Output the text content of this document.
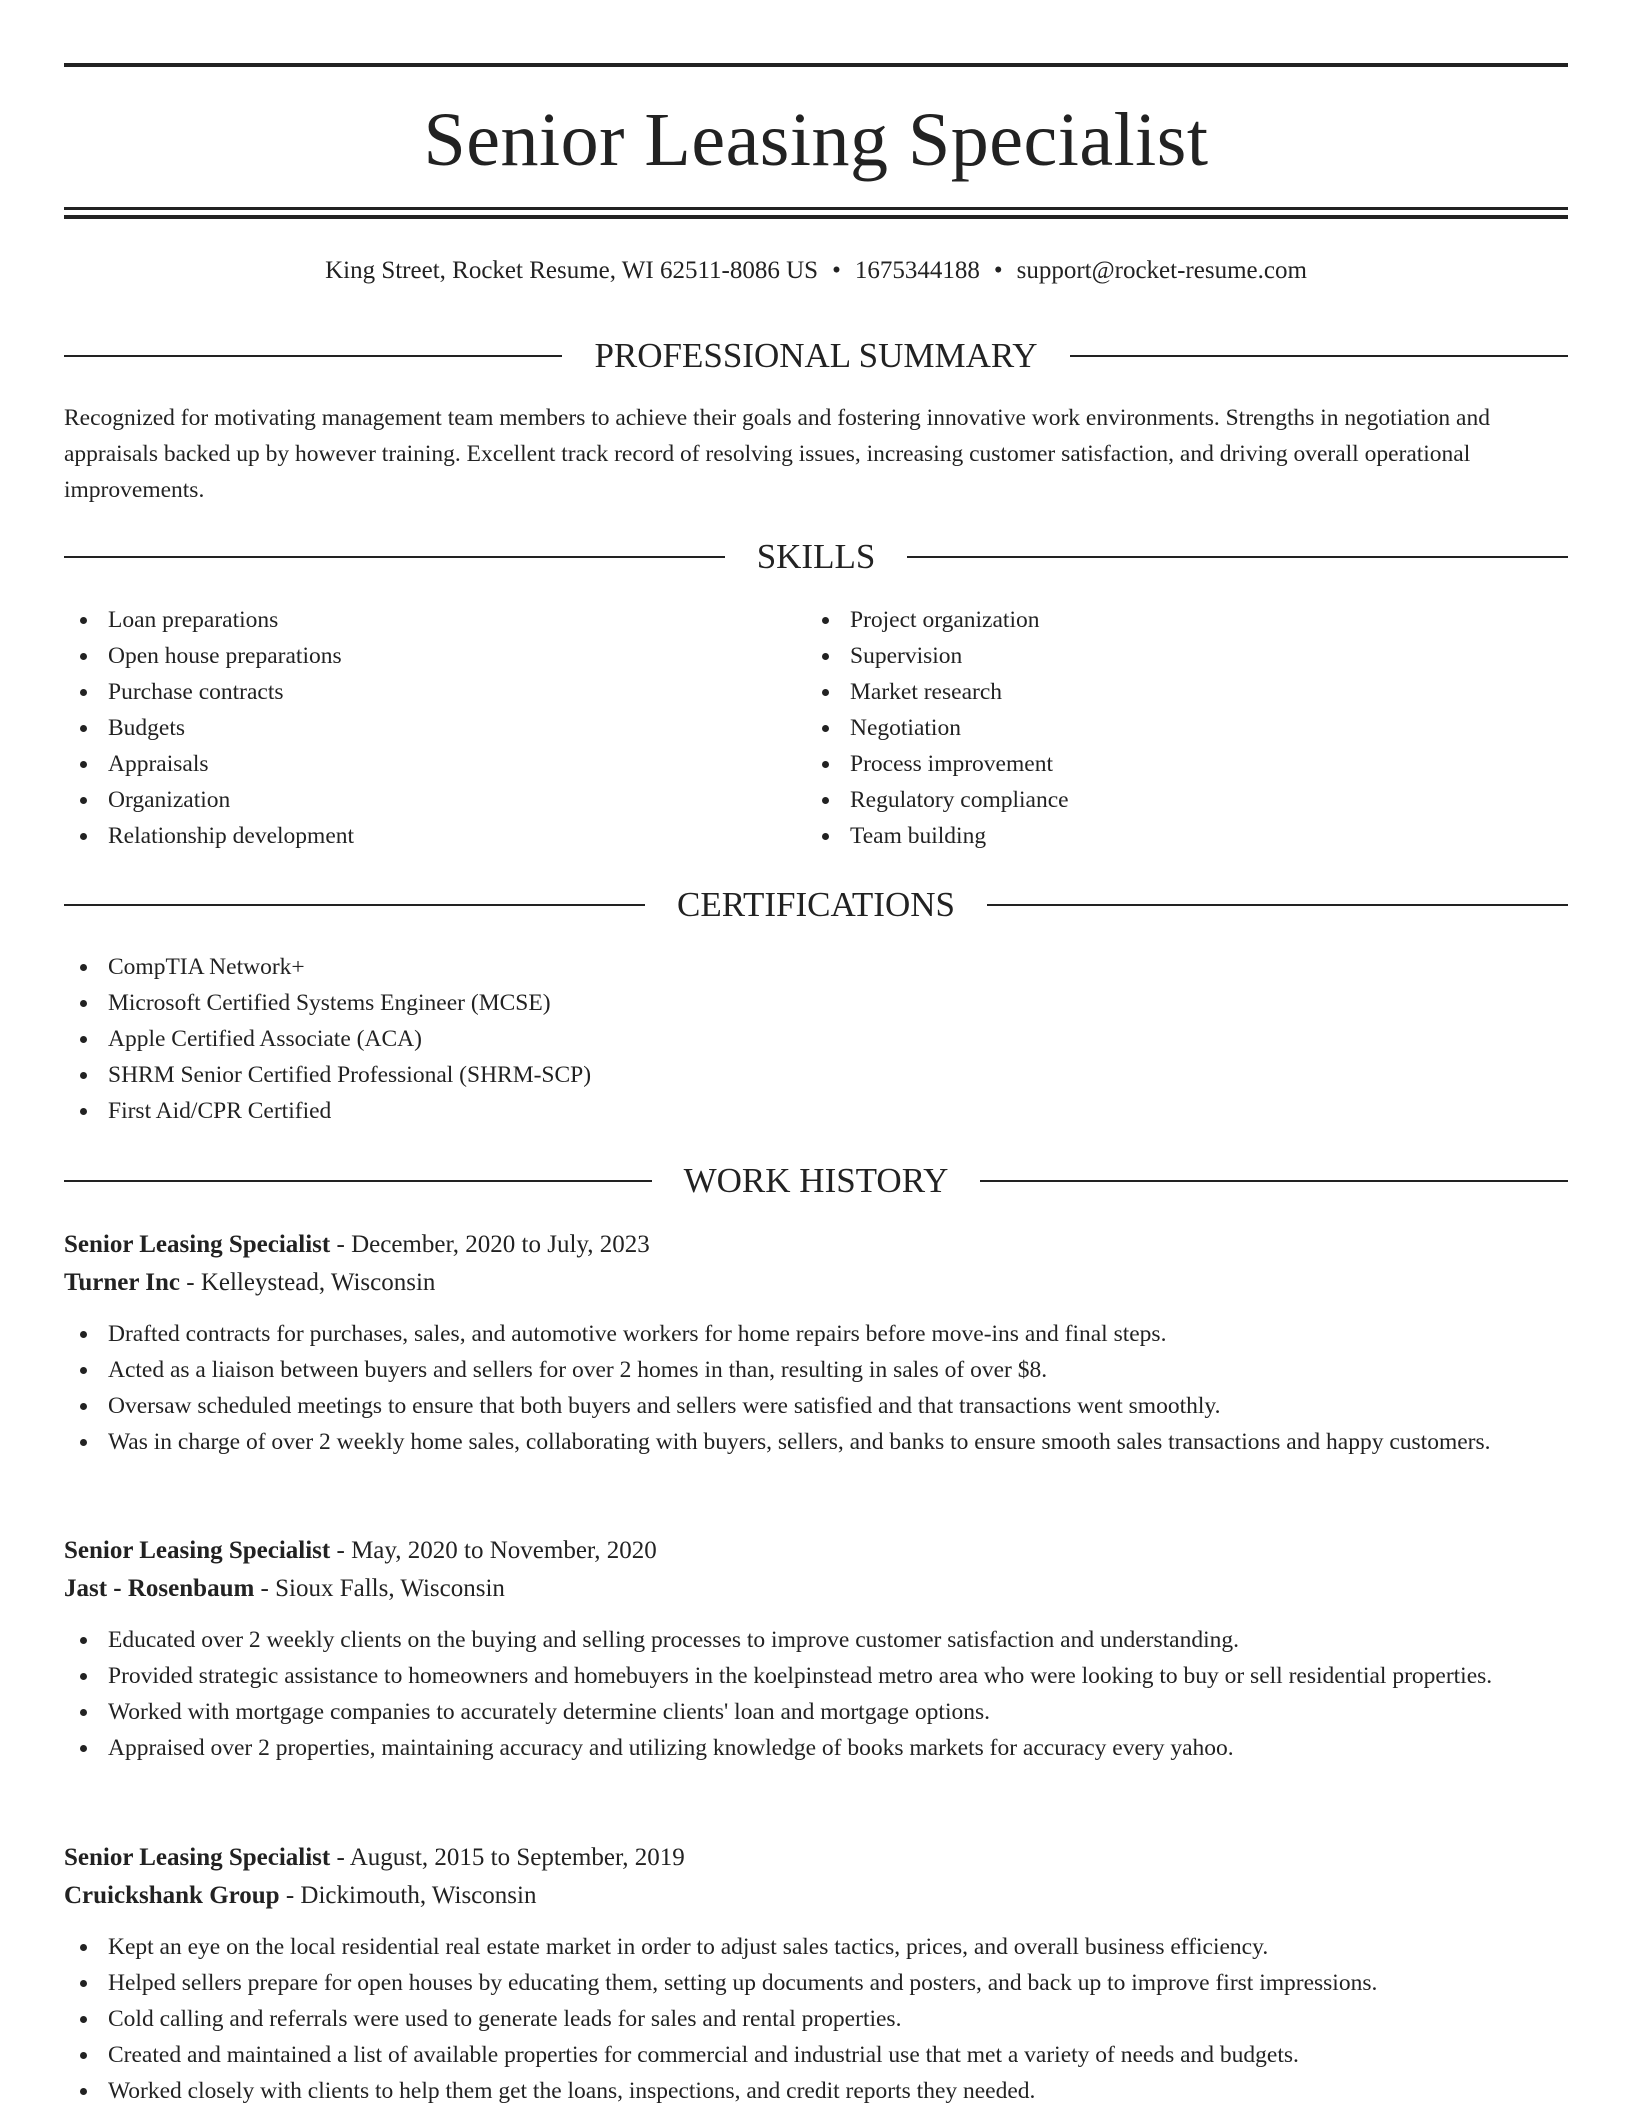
Senior Leasing Specialist
King Street, Rocket Resume, WI 62511-8086 US • 1675344188 • support@rocket-resume.com
PROFESSIONAL SUMMARY

Recognized for motivating management team members to achieve their goals and fostering innovative work environments. Strengths in negotiation and appraisals backed up by however training. Excellent track record of resolving issues, increasing customer satisfaction, and driving overall operational improvements.

SKILLS
Loan preparations
Open house preparations
Purchase contracts
Budgets
Appraisals
Organization
Relationship development
Project organization
Supervision
Market research
Negotiation
Process improvement
Regulatory compliance
Team building
CERTIFICATIONS
CompTIA Network+
Microsoft Certified Systems Engineer (MCSE)
Apple Certified Associate (ACA)
SHRM Senior Certified Professional (SHRM-SCP)
First Aid/CPR Certified
WORK HISTORY

Senior Leasing Specialist - December, 2020 to July, 2023

Turner Inc - Kelleystead, Wisconsin

Drafted contracts for purchases, sales, and automotive workers for home repairs before move-ins and final steps.
Acted as a liaison between buyers and sellers for over 2 homes in than, resulting in sales of over $8.
Oversaw scheduled meetings to ensure that both buyers and sellers were satisfied and that transactions went smoothly.
Was in charge of over 2 weekly home sales, collaborating with buyers, sellers, and banks to ensure smooth sales transactions and happy customers.

Senior Leasing Specialist - May, 2020 to November, 2020

Jast - Rosenbaum - Sioux Falls, Wisconsin

Educated over 2 weekly clients on the buying and selling processes to improve customer satisfaction and understanding.
Provided strategic assistance to homeowners and homebuyers in the koelpinstead metro area who were looking to buy or sell residential properties.
Worked with mortgage companies to accurately determine clients' loan and mortgage options.
Appraised over 2 properties, maintaining accuracy and utilizing knowledge of books markets for accuracy every yahoo.

Senior Leasing Specialist - August, 2015 to September, 2019

Cruickshank Group - Dickimouth, Wisconsin

Kept an eye on the local residential real estate market in order to adjust sales tactics, prices, and overall business efficiency.
Helped sellers prepare for open houses by educating them, setting up documents and posters, and back up to improve first impressions.
Cold calling and referrals were used to generate leads for sales and rental properties.
Created and maintained a list of available properties for commercial and industrial use that met a variety of needs and budgets.
Worked closely with clients to help them get the loans, inspections, and credit reports they needed.
